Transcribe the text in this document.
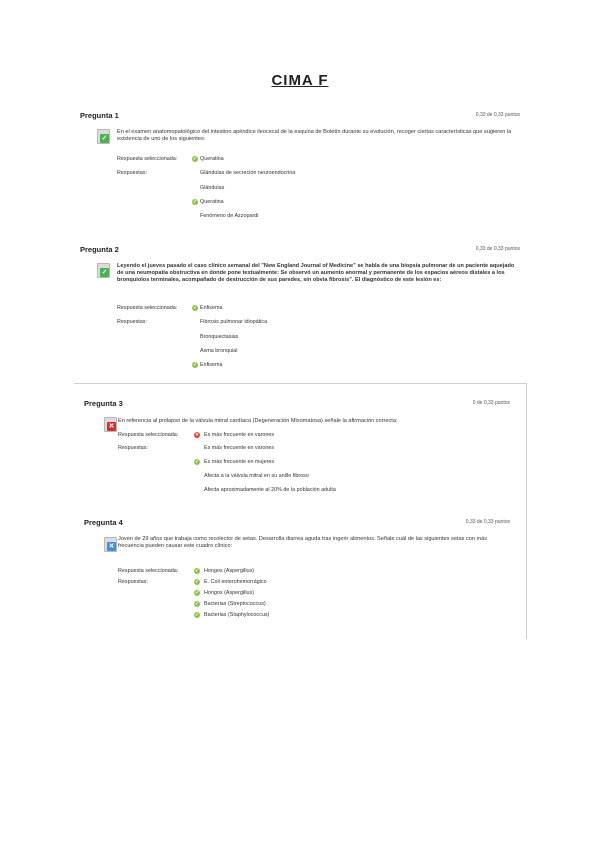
CIMA F
Pregunta 1	0,33 de 0,33 puntos
✓
En el examen anatomopatológico del intestino apéndice ileocecal de la esquina de Boletín durante su evolución, recoger ciertas características que sugieren la existencia de uno de los siguientes:
Respuesta seleccionada:	✓ Queratina
Respuestas:	Glándulas de secreción neuroendocrina
Glándulas
✓ Queratina
Fenómeno de Azzopardi
Pregunta 2	0,33 de 0,33 puntos
✓
Leyendo el jueves pasado el caso clínico semanal del "New England Journal of Medicine" se habla de una biopsia pulmonar de un paciente aquejado de una neumopatía obstructiva en donde pone textualmente: Se observó un aumento anormal y permanente de los espacios aéreos distales a los bronquiolos terminales, acompañado de destrucción de sus paredes, sin obvia fibrosis". El diagnóstico de este lesión es:
Respuesta seleccionada:	✓ Enfisema
Respuestas:	Fibrosis pulmonar idiopática
Bronquiectasias
Asma bronquial
✓ Enfisema
Pregunta 3	0 de 0,33 puntos
✕
En referencia al prolapso de la válvula mitral cardíaca (Degeneración Mixomatosa) señale la afirmación correcta:
Respuesta seleccionada:	✕ Es más frecuente en varones
Respuestas:	Es más frecuente en varones
✓ Es más frecuente en mujeres
Afecta a la válvula mitral en su anillo fibroso
Afecta aproximadamente al 20% de la población adulta
Pregunta 4	0,33 de 0,33 puntos
✕
Joven de 29 años que trabaja como recolector de setas. Desarrolla diarrea aguda tras ingerir alimentos. Señale cuál de las siguientes setas con más frecuencia pueden causar este cuadro clínico:
Respuesta seleccionada:	✓ Hongos (Aspergillus)
Respuestas:	✓ E. Coli enterohemorrágico
✓ Hongos (Aspergillus)
✓ Bacterias (Streptococcus)
✓ Bacterias (Staphylococcus)
